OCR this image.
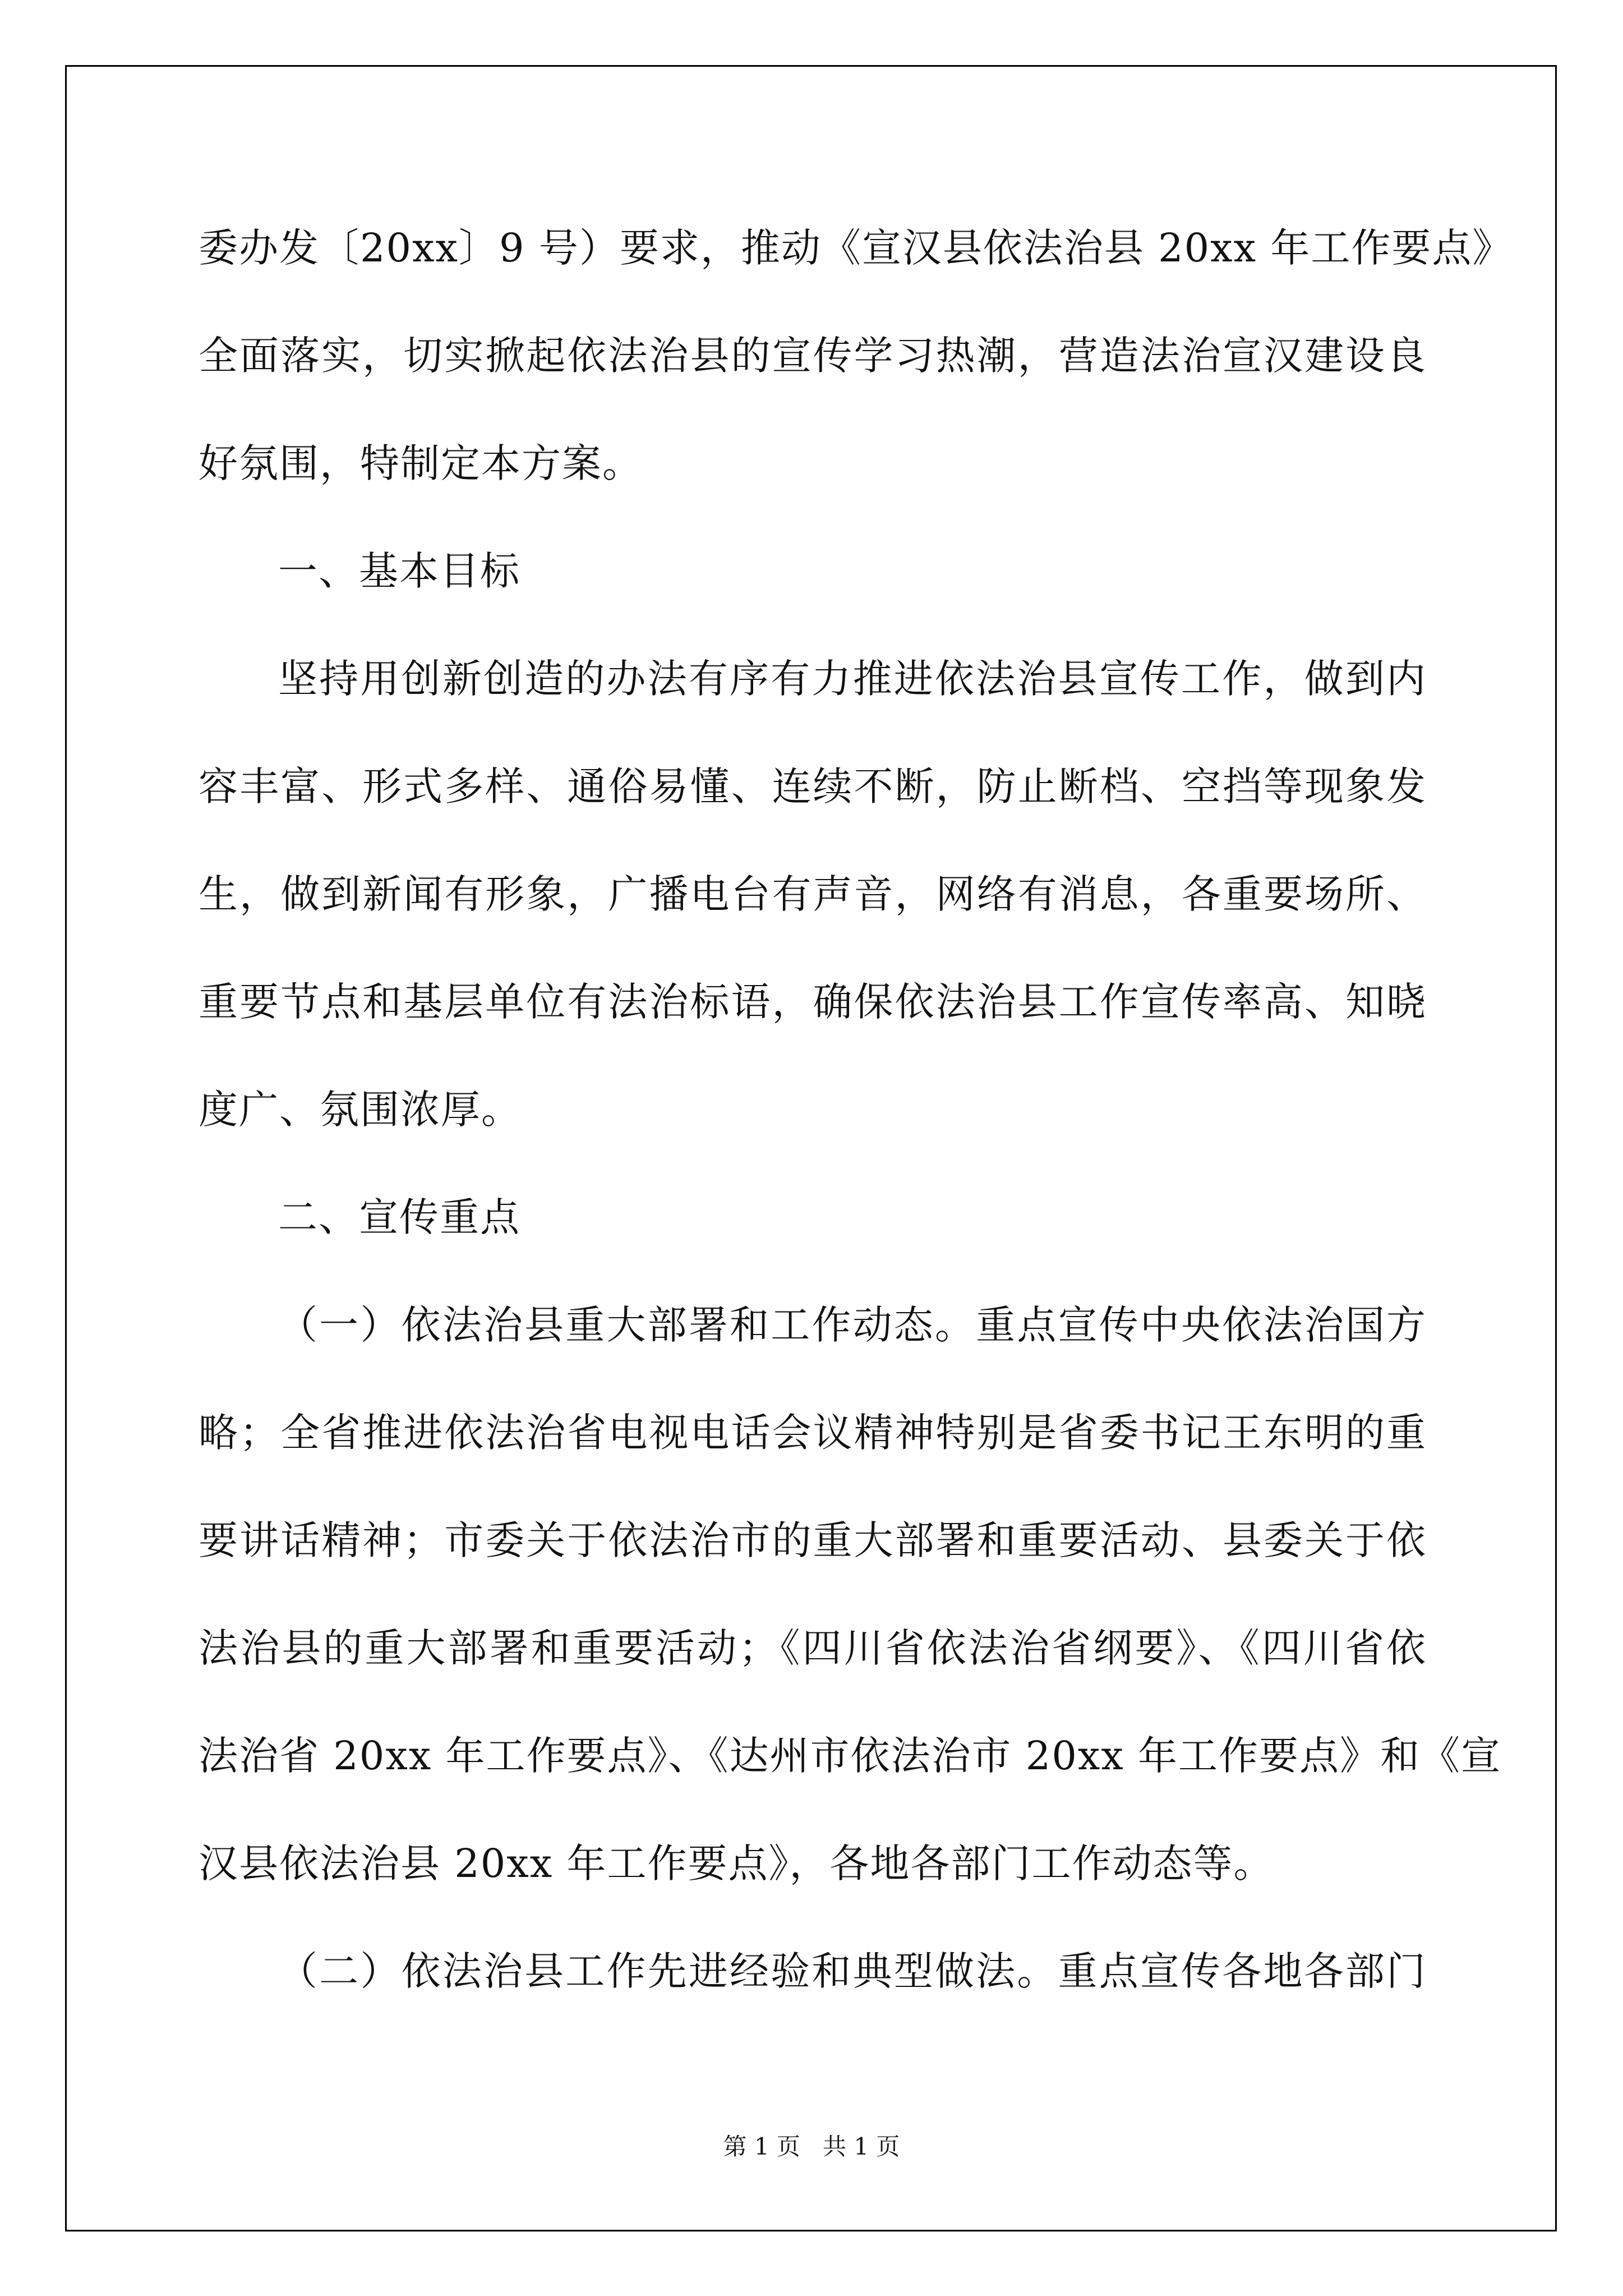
委办发〔20xx〕9 号）要求，推动《宣汉县依法治县 20xx 年工作要点》
全面落实，切实掀起依法治县的宣传学习热潮，营造法治宣汉建设良
好氛围，特制定本方案。
一、基本目标
坚持用创新创造的办法有序有力推进依法治县宣传工作，做到内
容丰富、形式多样、通俗易懂、连续不断，防止断档、空挡等现象发
生，做到新闻有形象，广播电台有声音，网络有消息，各重要场所、
重要节点和基层单位有法治标语，确保依法治县工作宣传率高、知晓
度广、氛围浓厚。
二、宣传重点
（一）依法治县重大部署和工作动态。重点宣传中央依法治国方
略；全省推进依法治省电视电话会议精神特别是省委书记王东明的重
要讲话精神；市委关于依法治市的重大部署和重要活动、县委关于依
法治县的重大部署和重要活动；《四川省依法治省纲要》、《四川省依
法治省 20xx 年工作要点》、《达州市依法治市 20xx 年工作要点》和《宣
汉县依法治县 20xx 年工作要点》，各地各部门工作动态等。
（二）依法治县工作先进经验和典型做法。重点宣传各地各部门
第 1 页 共 1 页
